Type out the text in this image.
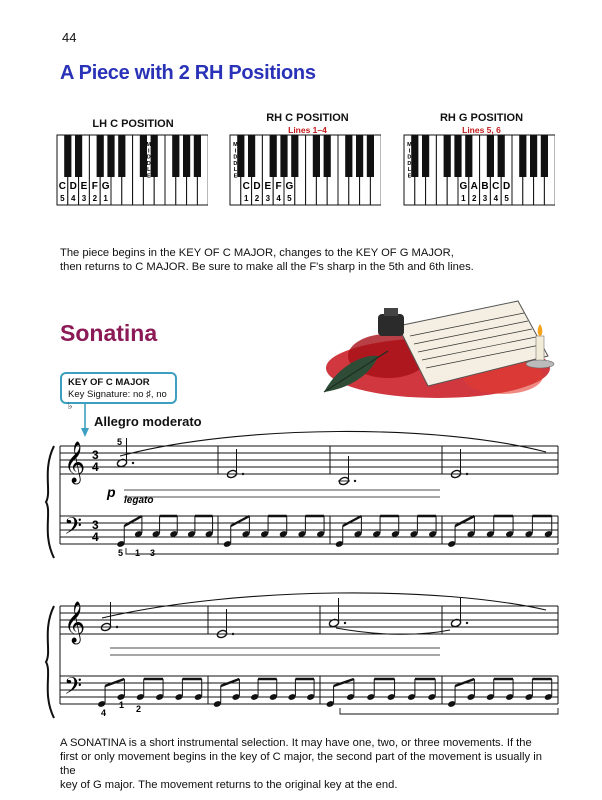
44
A Piece with 2 RH Positions
LH C POSITION
M
I
D
D
L
E
C
5
D
4
E
3
F
2
G
1
RH C POSITION
Lines 1–4
M
I
D
D
L
E
C
1
D
2
E
3
F
4
G
5
RH G POSITION
Lines 5, 6
M
I
D
D
L
E
G
1
A
2
B
3
C
4
D
5
The piece begins in the KEY OF C MAJOR, changes to the KEY OF G MAJOR,
then returns to C MAJOR. Be sure to make all the F's sharp in the 5th and 6th lines.
Sonatina
KEY OF C MAJOR
Key Signature: no ♯, no ♭
Allegro moderato
𝄞
𝄢
3
4
3
4
p
legato
5
5 1 3
𝄞
𝄢
4
1 2
A SONATINA is a short instrumental selection. It may have one, two, or three movements. If the
first or only movement begins in the key of C major, the second part of the movement is usually in the
key of G major. The movement returns to the original key at the end.
